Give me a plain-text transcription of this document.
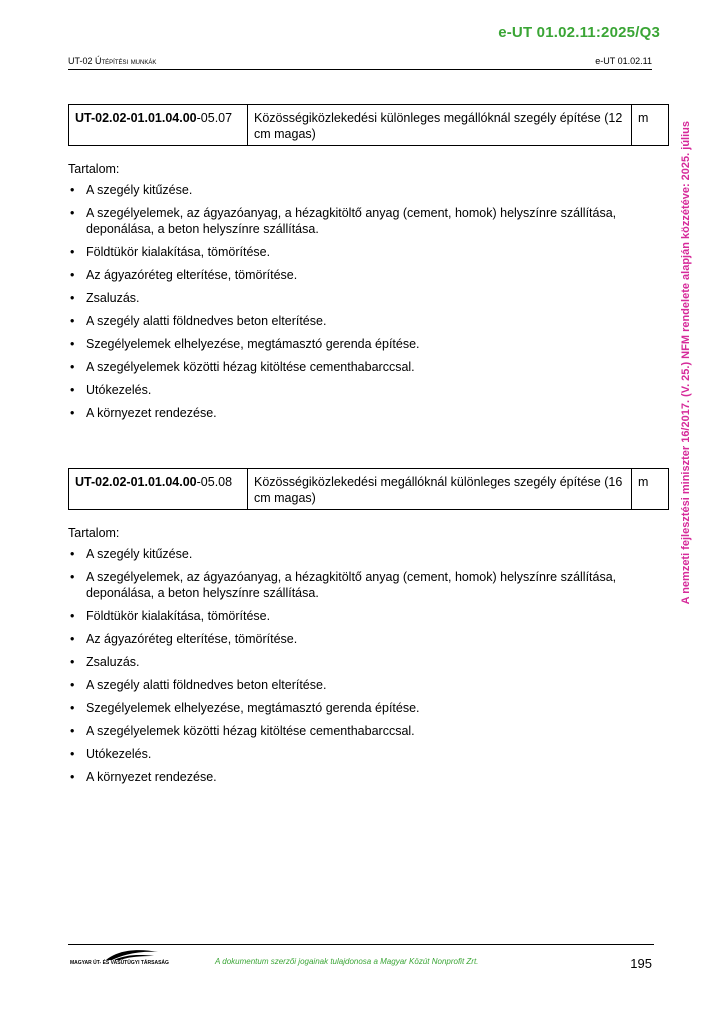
e-UT 01.02.11:2025/Q3
UT-02 Útépítési munkák	e-UT 01.02.11
A nemzeti fejlesztési miniszter 16/2017. (V. 25.) NFM rendelete alapján közzétéve: 2025. július
UT-02.02-01.01.04.00-05.07	Közösségiközlekedési különleges megállóknál szegély építése (12 cm magas)	m
Tartalom:
• A szegély kitűzése.
• A szegélyelemek, az ágyazóanyag, a hézagkitöltő anyag (cement, homok) helyszínre szállítása, deponálása, a beton helyszínre szállítása.
• Földtükör kialakítása, tömörítése.
• Az ágyazóréteg elterítése, tömörítése.
• Zsaluzás.
• A szegély alatti földnedves beton elterítése.
• Szegélyelemek elhelyezése, megtámasztó gerenda építése.
• A szegélyelemek közötti hézag kitöltése cementhabarccsal.
• Utókezelés.
• A környezet rendezése.
UT-02.02-01.01.04.00-05.08	Közösségiközlekedési megállóknál különleges szegély építése (16 cm magas)	m
Tartalom:
• A szegély kitűzése.
• A szegélyelemek, az ágyazóanyag, a hézagkitöltő anyag (cement, homok) helyszínre szállítása, deponálása, a beton helyszínre szállítása.
• Földtükör kialakítása, tömörítése.
• Az ágyazóréteg elterítése, tömörítése.
• Zsaluzás.
• A szegély alatti földnedves beton elterítése.
• Szegélyelemek elhelyezése, megtámasztó gerenda építése.
• A szegélyelemek közötti hézag kitöltése cementhabarccsal.
• Utókezelés.
• A környezet rendezése.
MAGYAR ÚT- ÉS VASÚTÜGYI TÁRSASÁG	A dokumentum szerzői jogainak tulajdonosa a Magyar Közút Nonprofit Zrt.	195
